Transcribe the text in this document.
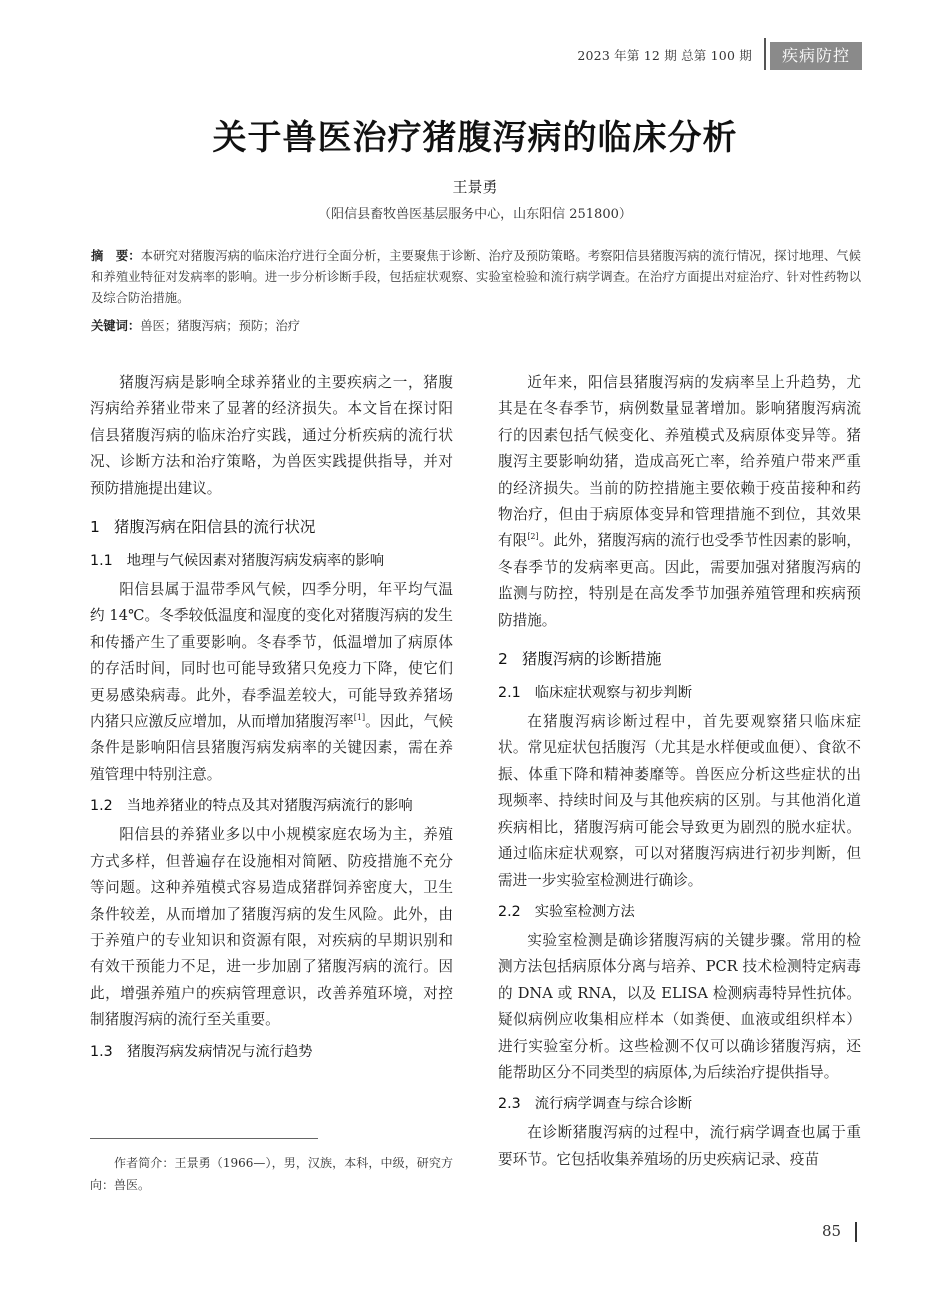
2023 年第 12 期 总第 100 期	疾病防控
关于兽医治疗猪腹泻病的临床分析
王景勇
（阳信县畜牧兽医基层服务中心，山东阳信 251800）
摘　要：本研究对猪腹泻病的临床治疗进行全面分析，主要聚焦于诊断、治疗及预防策略。考察阳信县猪腹泻病的流行情况，探讨地理、气候和养殖业特征对发病率的影响。进一步分析诊断手段，包括症状观察、实验室检验和流行病学调查。在治疗方面提出对症治疗、针对性药物以及综合防治措施。
关键词：兽医；猪腹泻病；预防；治疗

猪腹泻病是影响全球养猪业的主要疾病之一，猪腹泻病给养猪业带来了显著的经济损失。本文旨在探讨阳信县猪腹泻病的临床治疗实践，通过分析疾病的流行状况、诊断方法和治疗策略，为兽医实践提供指导，并对预防措施提出建议。

1 猪腹泻病在阳信县的流行状况
1.1 地理与气候因素对猪腹泻病发病率的影响

阳信县属于温带季风气候，四季分明，年平均气温约 14℃。冬季较低温度和湿度的变化对猪腹泻病的发生和传播产生了重要影响。冬春季节，低温增加了病原体的存活时间，同时也可能导致猪只免疫力下降，使它们更易感染病毒。此外，春季温差较大，可能导致养猪场内猪只应激反应增加，从而增加猪腹泻率[1]。因此，气候条件是影响阳信县猪腹泻病发病率的关键因素，需在养殖管理中特别注意。

1.2 当地养猪业的特点及其对猪腹泻病流行的影响

阳信县的养猪业多以中小规模家庭农场为主，养殖方式多样，但普遍存在设施相对简陋、防疫措施不充分等问题。这种养殖模式容易造成猪群饲养密度大，卫生条件较差，从而增加了猪腹泻病的发生风险。此外，由于养殖户的专业知识和资源有限，对疾病的早期识别和有效干预能力不足，进一步加剧了猪腹泻病的流行。因此，增强养殖户的疾病管理意识，改善养殖环境，对控制猪腹泻病的流行至关重要。

1.3 猪腹泻病发病情况与流行趋势

近年来，阳信县猪腹泻病的发病率呈上升趋势，尤其是在冬春季节，病例数量显著增加。影响猪腹泻病流行的因素包括气候变化、养殖模式及病原体变异等。猪腹泻主要影响幼猪，造成高死亡率，给养殖户带来严重的经济损失。当前的防控措施主要依赖于疫苗接种和药物治疗，但由于病原体变异和管理措施不到位，其效果有限[2]。此外，猪腹泻病的流行也受季节性因素的影响，冬春季节的发病率更高。因此，需要加强对猪腹泻病的监测与防控，特别是在高发季节加强养殖管理和疾病预防措施。

2 猪腹泻病的诊断措施
2.1 临床症状观察与初步判断

在猪腹泻病诊断过程中，首先要观察猪只临床症状。常见症状包括腹泻（尤其是水样便或血便）、食欲不振、体重下降和精神萎靡等。兽医应分析这些症状的出现频率、持续时间及与其他疾病的区别。与其他消化道疾病相比，猪腹泻病可能会导致更为剧烈的脱水症状。通过临床症状观察，可以对猪腹泻病进行初步判断，但需进一步实验室检测进行确诊。

2.2 实验室检测方法

实验室检测是确诊猪腹泻病的关键步骤。常用的检测方法包括病原体分离与培养、PCR 技术检测特定病毒的 DNA 或 RNA，以及 ELISA 检测病毒特异性抗体。疑似病例应收集相应样本（如粪便、血液或组织样本）进行实验室分析。这些检测不仅可以确诊猪腹泻病，还能帮助区分不同类型的病原体,为后续治疗提供指导。

2.3 流行病学调查与综合诊断

在诊断猪腹泻病的过程中，流行病学调查也属于重要环节。它包括收集养殖场的历史疾病记录、疫苗

作者简介：王景勇（1966—），男，汉族，本科，中级，研究方向：兽医。
85
